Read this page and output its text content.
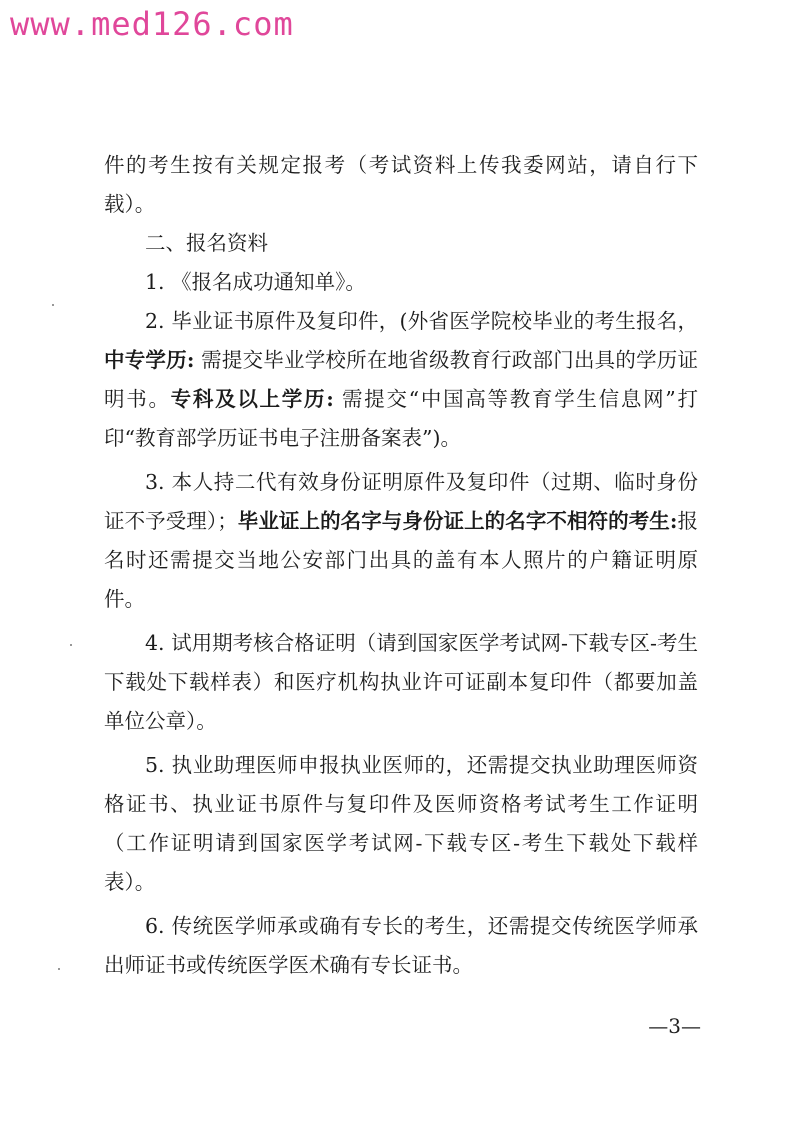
www.med126.com

件的考生按有关规定报考（考试资料上传我委网站，请自行下载）。

二、报名资料

1. 《报名成功通知单》。

2. 毕业证书原件及复印件，(外省医学院校毕业的考生报名，中专学历: 需提交毕业学校所在地省级教育行政部门出具的学历证明书。专科及以上学历: 需提交“中国高等教育学生信息网”打印“教育部学历证书电子注册备案表”)。

3. 本人持二代有效身份证明原件及复印件（过期、临时身份证不予受理）；毕业证上的名字与身份证上的名字不相符的考生:报名时还需提交当地公安部门出具的盖有本人照片的户籍证明原件。

4. 试用期考核合格证明（请到国家医学考试网-下载专区-考生下载处下载样表）和医疗机构执业许可证副本复印件（都要加盖单位公章）。

5. 执业助理医师申报执业医师的，还需提交执业助理医师资格证书、执业证书原件与复印件及医师资格考试考生工作证明（工作证明请到国家医学考试网-下载专区-考生下载处下载样表）。

6. 传统医学师承或确有专长的考生，还需提交传统医学师承出师证书或传统医学医术确有专长证书。

—3—
